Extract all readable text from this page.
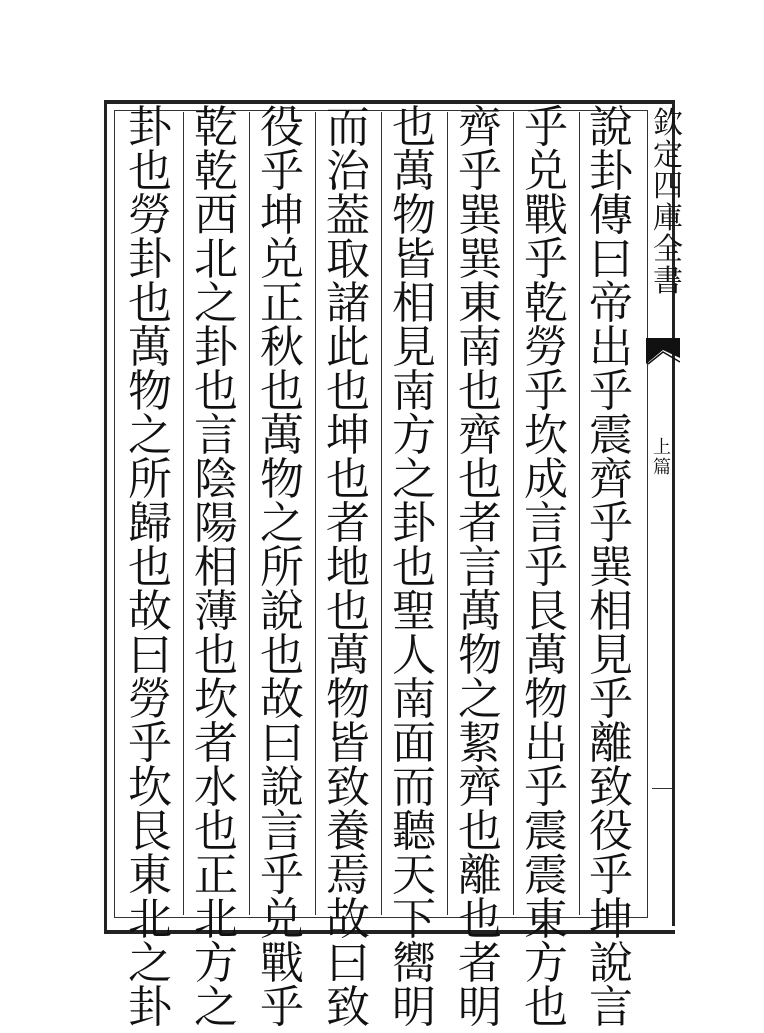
欽
定
四
庫
全
書
上篇
說
卦
傳
曰
帝
出
乎
震
齊
乎
巽
相
見
乎
離
致
役
乎
坤
說
言
乎
兑
戰
乎
乾
勞
乎
坎
成
言
乎
艮
萬
物
出
乎
震
震
東
方
也
齊
乎
巽
巽
東
南
也
齊
也
者
言
萬
物
之
絜
齊
也
離
也
者
明
也
萬
物
皆
相
見
南
方
之
卦
也
聖
人
南
面
而
聽
天
下
嚮
明
而
治
葢
取
諸
此
也
坤
也
者
地
也
萬
物
皆
致
養
焉
故
曰
致
役
乎
坤
兑
正
秋
也
萬
物
之
所
說
也
故
曰
說
言
乎
兑
戰
乎
乾
乾
西
北
之
卦
也
言
陰
陽
相
薄
也
坎
者
水
也
正
北
方
之
卦
也
勞
卦
也
萬
物
之
所
歸
也
故
曰
勞
乎
坎
艮
東
北
之
卦
